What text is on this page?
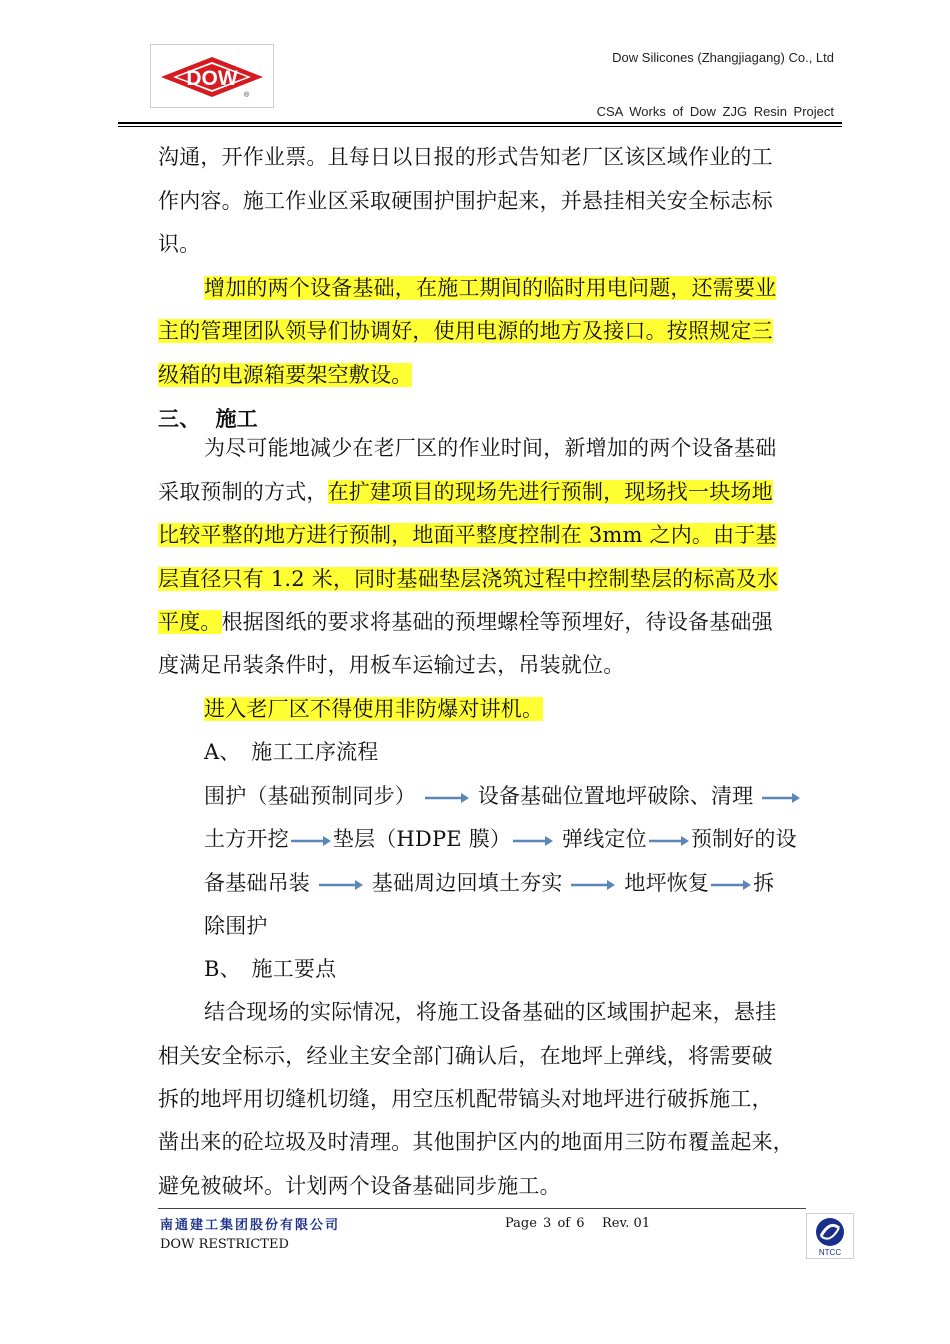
DOW
®
Dow Silicones (Zhangjiagang) Co., Ltd
CSA Works of Dow ZJG Resin Project
沟通，开作业票。且每日以日报的形式告知老厂区该区域作业的工
作内容。施工作业区采取硬围护围护起来，并悬挂相关安全标志标
识。
增加的两个设备基础，在施工期间的临时用电问题，还需要业
主的管理团队领导们协调好，使用电源的地方及接口。按照规定三
级箱的电源箱要架空敷设。
三、 施工
为尽可能地减少在老厂区的作业时间，新增加的两个设备基础
采取预制的方式，在扩建项目的现场先进行预制，现场找一块场地
比较平整的地方进行预制，地面平整度控制在 3mm 之内。由于基
层直径只有 1.2 米，同时基础垫层浇筑过程中控制垫层的标高及水
平度。根据图纸的要求将基础的预埋螺栓等预埋好，待设备基础强
度满足吊装条件时，用板车运输过去，吊装就位。
进入老厂区不得使用非防爆对讲机。
A、　施工工序流程
围护（基础预制同步）	设备基础位置地坪破除、清理
土方开挖 垫层（HDPE 膜） 弹线定位 预制好的设
备基础吊装	基础周边回填土夯实	地坪恢复 拆
除围护
B、　施工要点
结合现场的实际情况，将施工设备基础的区域围护起来，悬挂
相关安全标示，经业主安全部门确认后，在地坪上弹线，将需要破
拆的地坪用切缝机切缝，用空压机配带镐头对地坪进行破拆施工，
凿出来的砼垃圾及时清理。其他围护区内的地面用三防布覆盖起来，
避免被破坏。计划两个设备基础同步施工。
南通建工集团股份有限公司	Page 3 of 6 Rev. 01
DOW RESTRICTED
NTCC
